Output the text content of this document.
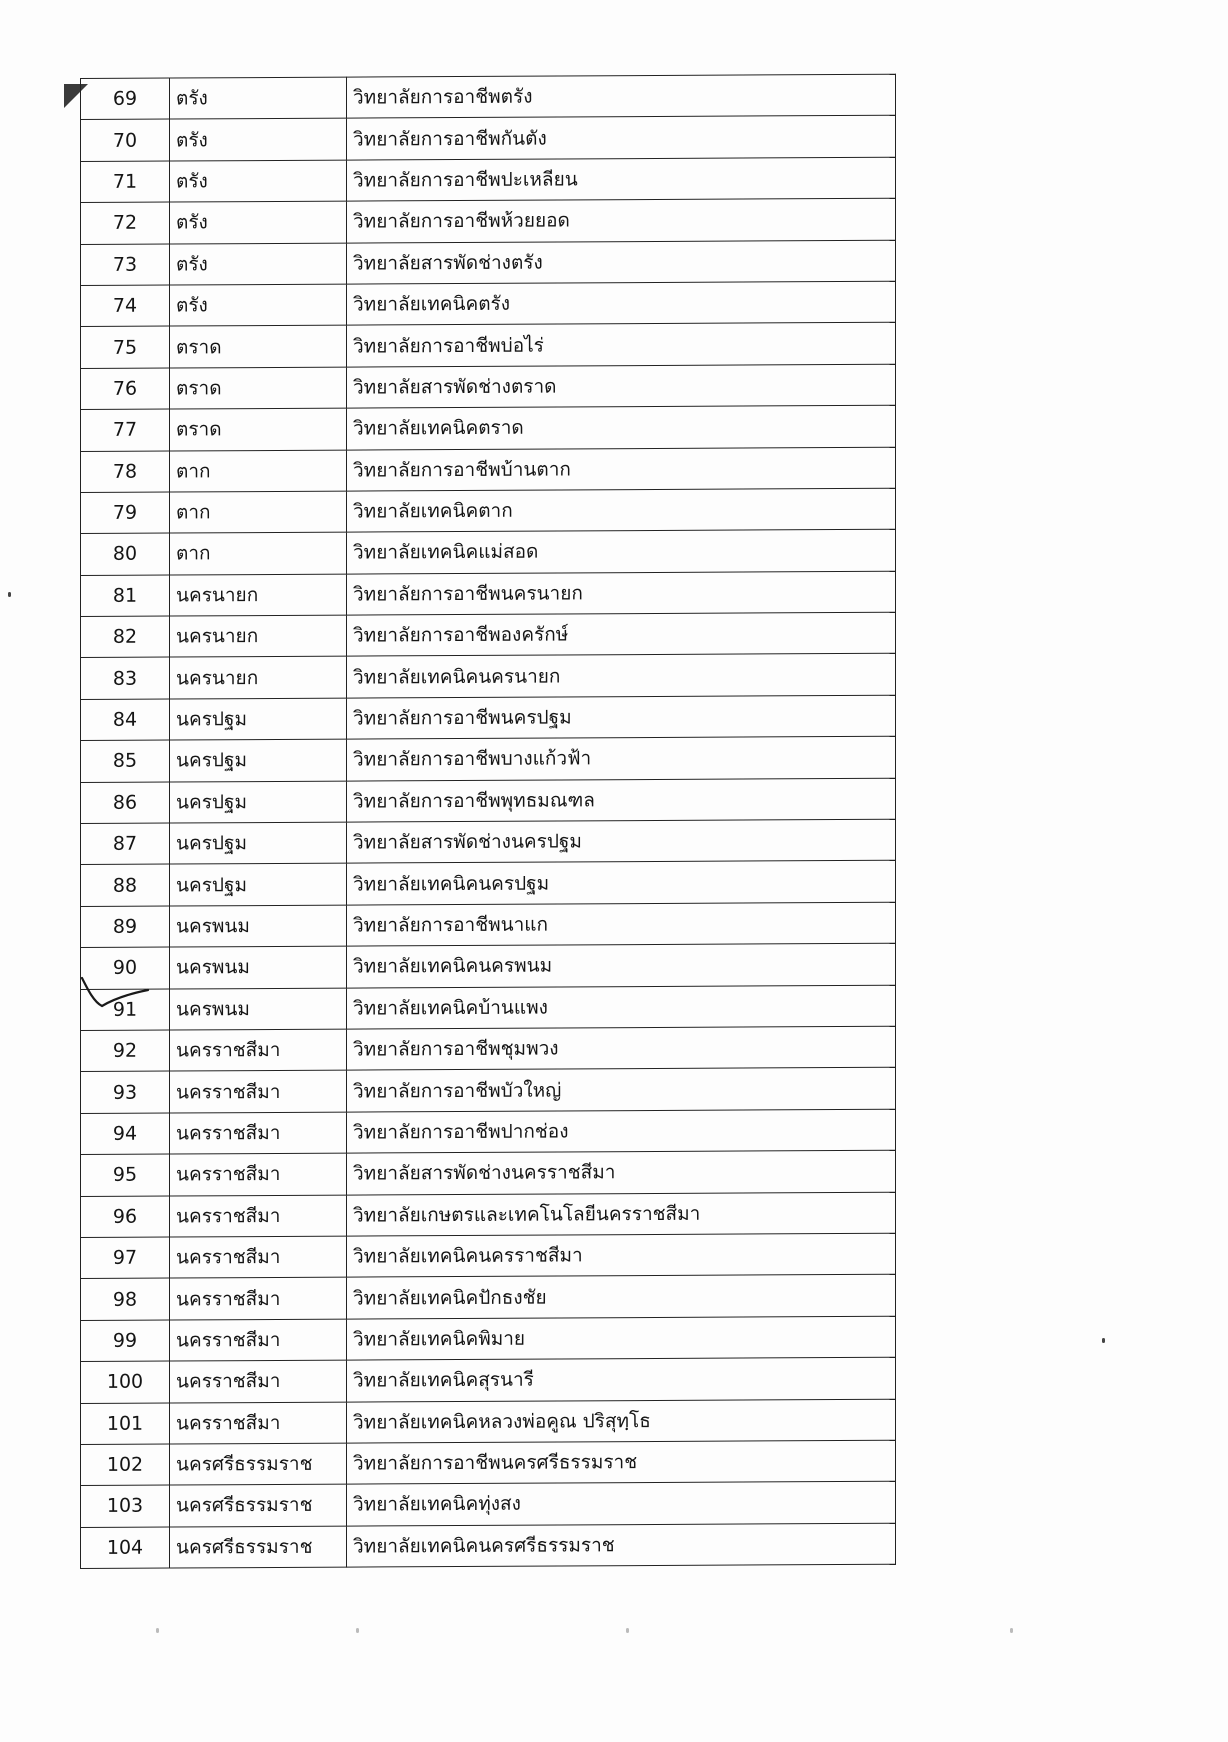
69	ตรัง	วิทยาลัยการอาชีพตรัง
70	ตรัง	วิทยาลัยการอาชีพกันตัง
71	ตรัง	วิทยาลัยการอาชีพปะเหลียน
72	ตรัง	วิทยาลัยการอาชีพห้วยยอด
73	ตรัง	วิทยาลัยสารพัดช่างตรัง
74	ตรัง	วิทยาลัยเทคนิคตรัง
75	ตราด	วิทยาลัยการอาชีพบ่อไร่
76	ตราด	วิทยาลัยสารพัดช่างตราด
77	ตราด	วิทยาลัยเทคนิคตราด
78	ตาก	วิทยาลัยการอาชีพบ้านตาก
79	ตาก	วิทยาลัยเทคนิคตาก
80	ตาก	วิทยาลัยเทคนิคแม่สอด
81	นครนายก	วิทยาลัยการอาชีพนครนายก
82	นครนายก	วิทยาลัยการอาชีพองครักษ์
83	นครนายก	วิทยาลัยเทคนิคนครนายก
84	นครปฐม	วิทยาลัยการอาชีพนครปฐม
85	นครปฐม	วิทยาลัยการอาชีพบางแก้วฟ้า
86	นครปฐม	วิทยาลัยการอาชีพพุทธมณฑล
87	นครปฐม	วิทยาลัยสารพัดช่างนครปฐม
88	นครปฐม	วิทยาลัยเทคนิคนครปฐม
89	นครพนม	วิทยาลัยการอาชีพนาแก
90	นครพนม	วิทยาลัยเทคนิคนครพนม
91	นครพนม	วิทยาลัยเทคนิคบ้านแพง
92	นครราชสีมา	วิทยาลัยการอาชีพชุมพวง
93	นครราชสีมา	วิทยาลัยการอาชีพบัวใหญ่
94	นครราชสีมา	วิทยาลัยการอาชีพปากช่อง
95	นครราชสีมา	วิทยาลัยสารพัดช่างนครราชสีมา
96	นครราชสีมา	วิทยาลัยเกษตรและเทคโนโลยีนครราชสีมา
97	นครราชสีมา	วิทยาลัยเทคนิคนครราชสีมา
98	นครราชสีมา	วิทยาลัยเทคนิคปักธงชัย
99	นครราชสีมา	วิทยาลัยเทคนิคพิมาย
100	นครราชสีมา	วิทยาลัยเทคนิคสุรนารี
101	นครราชสีมา	วิทยาลัยเทคนิคหลวงพ่อคูณ ปริสุทฺโธ
102	นครศรีธรรมราช	วิทยาลัยการอาชีพนครศรีธรรมราช
103	นครศรีธรรมราช	วิทยาลัยเทคนิคทุ่งสง
104	นครศรีธรรมราช	วิทยาลัยเทคนิคนครศรีธรรมราช
